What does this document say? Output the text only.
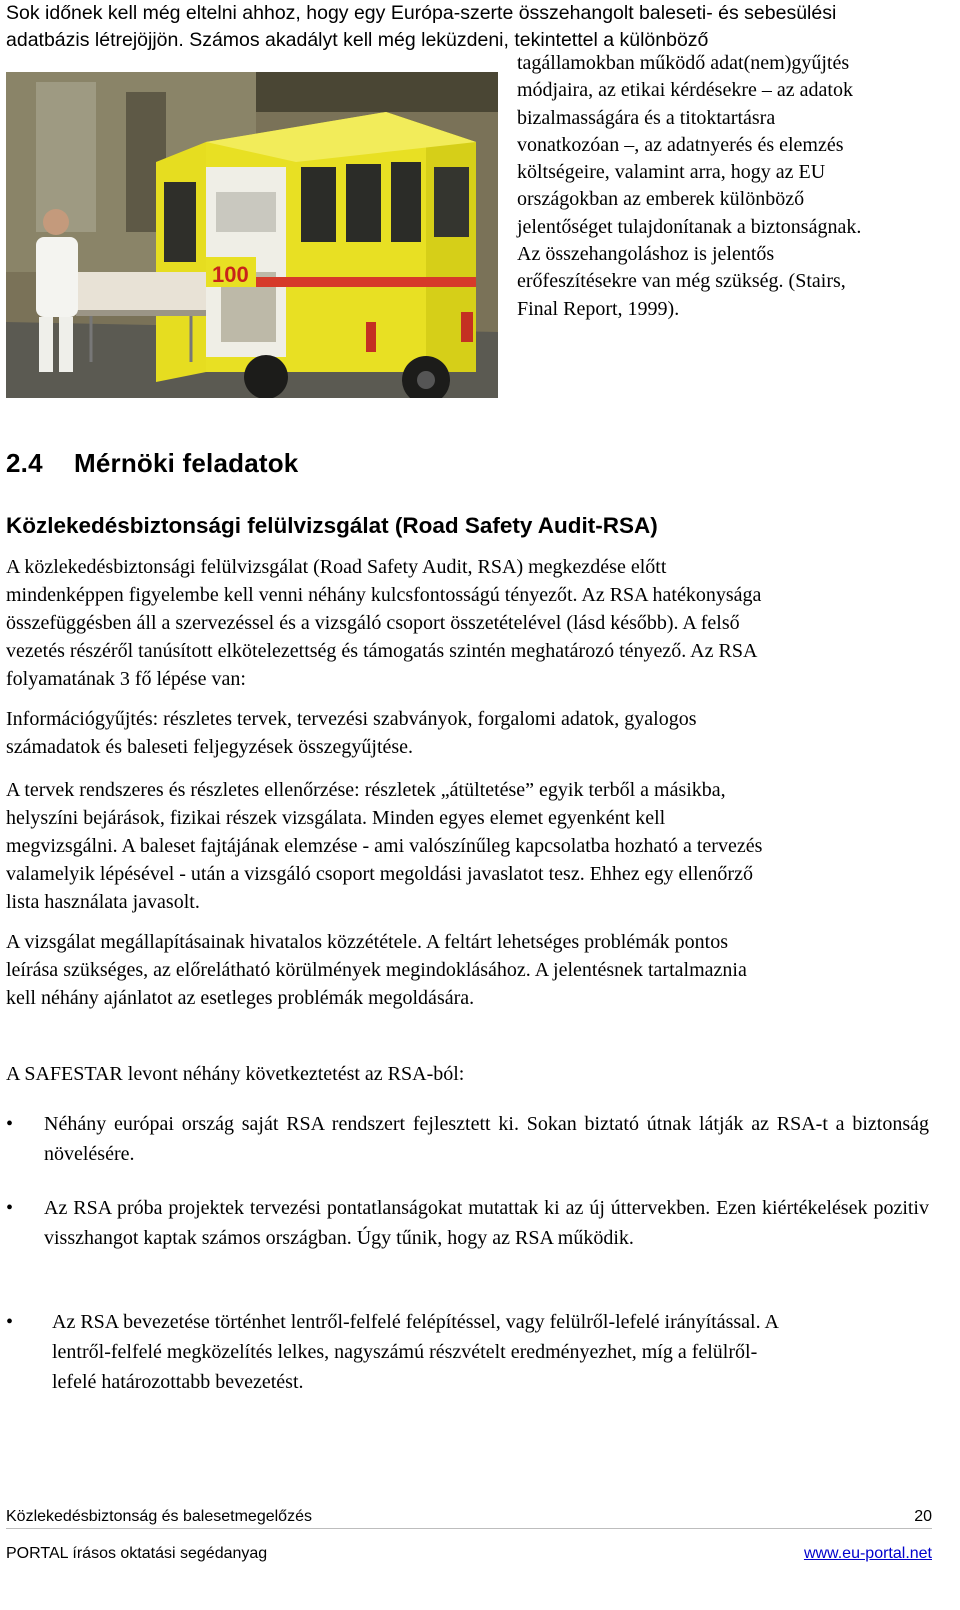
Sok időnek kell még eltelni ahhoz, hogy egy Európa-szerte összehangolt baleseti- és sebesülési
adatbázis létrejöjjön. Számos akadályt kell még leküzdeni, tekintettel a különböző

100

tagállamokban működő adat(nem)gyűjtés
módjaira, az etikai kérdésekre – az adatok
bizalmasságára és a titoktartásra
vonatkozóan –, az adatnyerés és elemzés
költségeire, valamint arra, hogy az EU
országokban az emberek különböző
jelentőséget tulajdonítanak a biztonságnak.
Az összehangoláshoz is jelentős
erőfeszítésekre van még szükség. (Stairs,
Final Report, 1999).

2.4 Mérnöki feladatok
Közlekedésbiztonsági felülvizsgálat (Road Safety Audit-RSA)

A közlekedésbiztonsági felülvizsgálat (Road Safety Audit, RSA) megkezdése előtt
mindenképpen figyelembe kell venni néhány kulcsfontosságú tényezőt. Az RSA hatékonysága
összefüggésben áll a szervezéssel és a vizsgáló csoport összetételével (lásd később). A felső
vezetés részéről tanúsított elkötelezettség és támogatás szintén meghatározó tényező. Az RSA
folyamatának 3 fő lépése van:

Információgyűjtés: részletes tervek, tervezési szabványok, forgalomi adatok, gyalogos
számadatok és baleseti feljegyzések összegyűjtése.

A tervek rendszeres és részletes ellenőrzése: részletek „átültetése” egyik terből a másikba,
helyszíni bejárások, fizikai részek vizsgálata. Minden egyes elemet egyenként kell
megvizsgálni. A baleset fajtájának elemzése - ami valószínűleg kapcsolatba hozható a tervezés
valamelyik lépésével - után a vizsgáló csoport megoldási javaslatot tesz. Ehhez egy ellenőrző
lista használata javasolt.

A vizsgálat megállapításainak hivatalos közzététele. A feltárt lehetséges problémák pontos
leírása szükséges, az előrelátható körülmények megindoklásához. A jelentésnek tartalmaznia
kell néhány ajánlatot az esetleges problémák megoldására.

A SAFESTAR levont néhány következtetést az RSA-ból:

• Néhány európai ország saját RSA rendszert fejlesztett ki. Sokan biztató útnak látják az RSA-t a biztonság növelésére.

• Az RSA próba projektek tervezési pontatlanságokat mutattak ki az új úttervekben. Ezen kiértékelések pozitiv visszhangot kaptak számos országban. Úgy tűnik, hogy az RSA működik.

• Az RSA bevezetése történhet lentről-felfelé felépítéssel, vagy felülről-lefelé irányítással. A
lentről-felfelé megközelítés lelkes, nagyszámú részvételt eredményezhet, míg a felülről-
lefelé határozottabb bevezetést.

Közlekedésbiztonság és balesetmegelőzés	20
PORTAL írásos oktatási segédanyag	www.eu-portal.net
